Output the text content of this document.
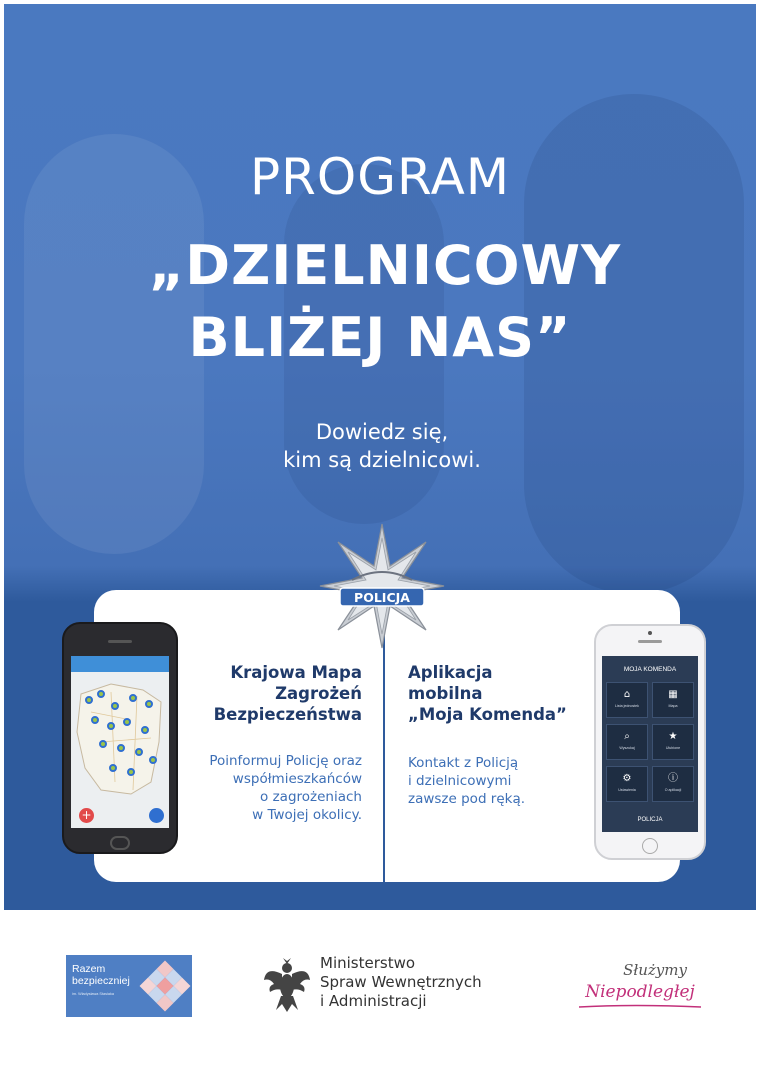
PROGRAM
„DZIELNICOWY
BLIŻEJ NAS”
Dowiedz się,
kim są dzielnicowi.
POLICJA
+
MOJA KOMENDA
⌂
Lista jednostek
▦
Mapa
⌕
Wyszukaj
★
Ulubione
⚙
Ustawienia
ⓘ
O aplikacji
POLICJA
Krajowa Mapa
Zagrożeń
Bezpieczeństwa
Poinformuj Policję oraz
współmieszkańców
o zagrożeniach
w Twojej okolicy.
Aplikacja
mobilna
„Moja Komenda”
Kontakt z Policją
i dzielnicowymi
zawsze pod ręką.
Razem
bezpieczniej
im. Władysława Stasiaka
Ministerstwo
Spraw Wewnętrznych
i Administracji
Służymy
Niepodległej
